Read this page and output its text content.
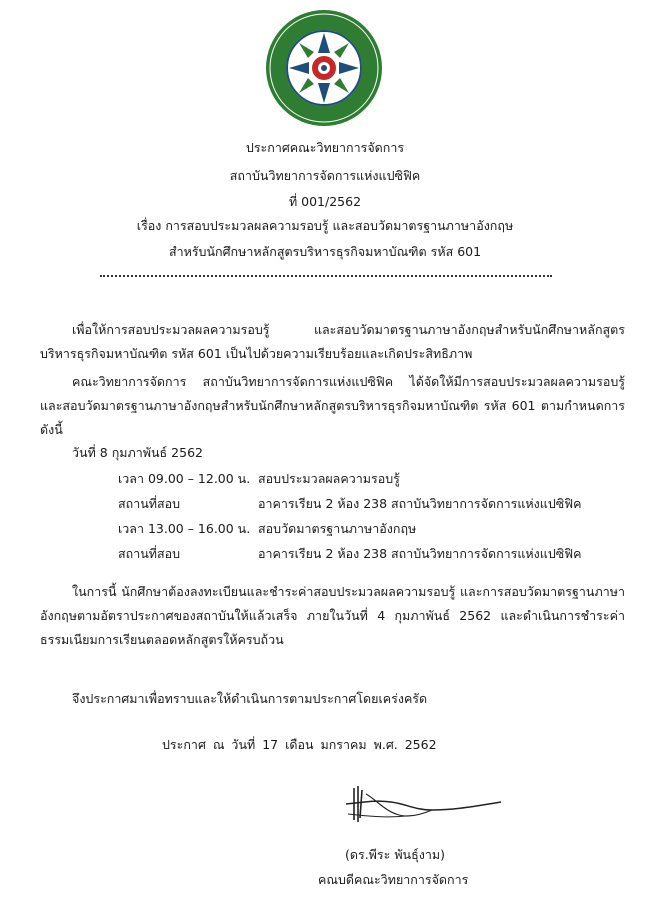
ประกาศคณะวิทยาการจัดการ
สถาบันวิทยาการจัดการแห่งแปซิฟิค
ที่ 001/2562
เรื่อง การสอบประมวลผลความรอบรู้ และสอบวัดมาตรฐานภาษาอังกฤษ
สำหรับนักศึกษาหลักสูตรบริหารธุรกิจมหาบัณฑิต รหัส 601
เพื่อให้การสอบประมวลผลความรอบรู้ และสอบวัดมาตรฐานภาษาอังกฤษสำหรับนักศึกษาหลักสูตรบริหารธุรกิจมหาบัณฑิต รหัส 601 เป็นไปด้วยความเรียบร้อยและเกิดประสิทธิภาพ
คณะวิทยาการจัดการ สถาบันวิทยาการจัดการแห่งแปซิฟิค ได้จัดให้มีการสอบประมวลผลความรอบรู้ และสอบวัดมาตรฐานภาษาอังกฤษสำหรับนักศึกษาหลักสูตรบริหารธุรกิจมหาบัณฑิต รหัส 601 ตามกำหนดการ ดังนี้
วันที่ 8 กุมภาพันธ์ 2562
เวลา 09.00 – 12.00 น. สอบประมวลผลความรอบรู้
สถานที่สอบ	อาคารเรียน 2 ห้อง 238 สถาบันวิทยาการจัดการแห่งแปซิฟิค
เวลา 13.00 – 16.00 น. สอบวัดมาตรฐานภาษาอังกฤษ
สถานที่สอบ	อาคารเรียน 2 ห้อง 238 สถาบันวิทยาการจัดการแห่งแปซิฟิค
ในการนี้ นักศึกษาต้องลงทะเบียนและชำระค่าสอบประมวลผลความรอบรู้ และการสอบวัดมาตรฐานภาษาอังกฤษตามอัตราประกาศของสถาบันให้แล้วเสร็จ ภายในวันที่ 4 กุมภาพันธ์ 2562 และดำเนินการชำระค่าธรรมเนียมการเรียนตลอดหลักสูตรให้ครบถ้วน
จึงประกาศมาเพื่อทราบและให้ดำเนินการตามประกาศโดยเคร่งครัด
ประกาศ ณ วันที่ 17 เดือน มกราคม พ.ศ. 2562
(ดร.พีระ พันธุ์งาม)
คณบดีคณะวิทยาการจัดการ
